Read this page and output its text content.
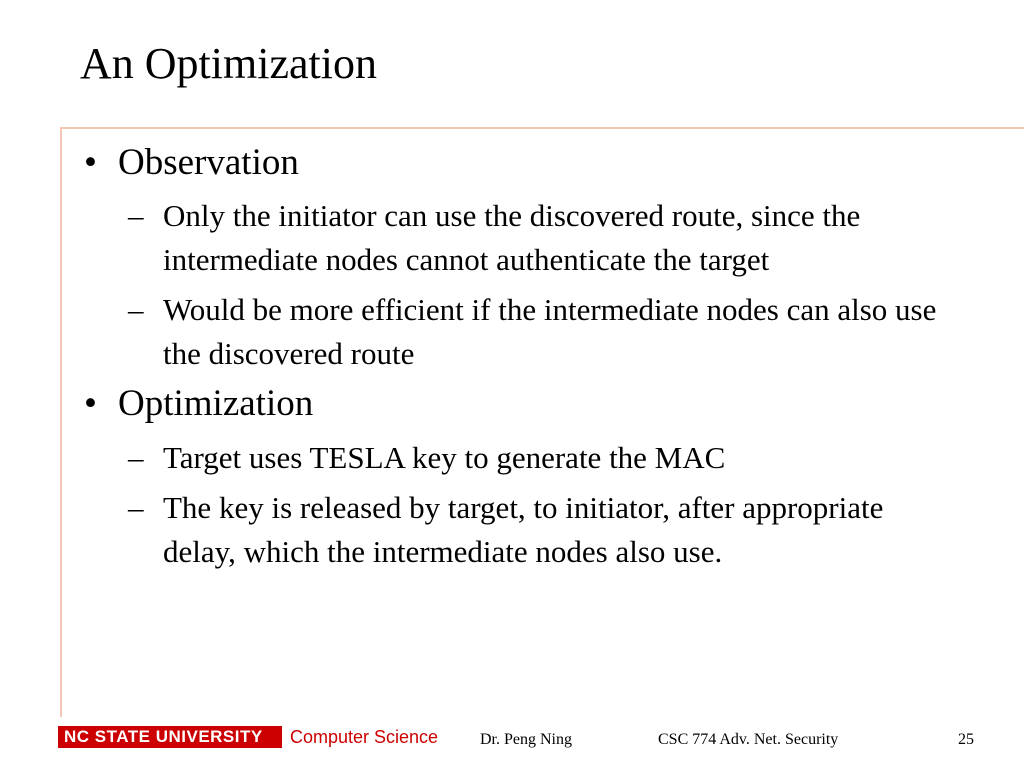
An Optimization

• Observation

– Only the initiator can use the discovered route, since the intermediate nodes cannot authenticate the target
– Would be more efficient if the intermediate nodes can also use the discovered route

• Optimization

– Target uses TESLA key to generate the MAC
– The key is released by target, to initiator, after appropriate delay, which the intermediate nodes also use.
NC STATE UNIVERSITY	Computer Science	Dr. Peng Ning	CSC 774 Adv. Net. Security	25
